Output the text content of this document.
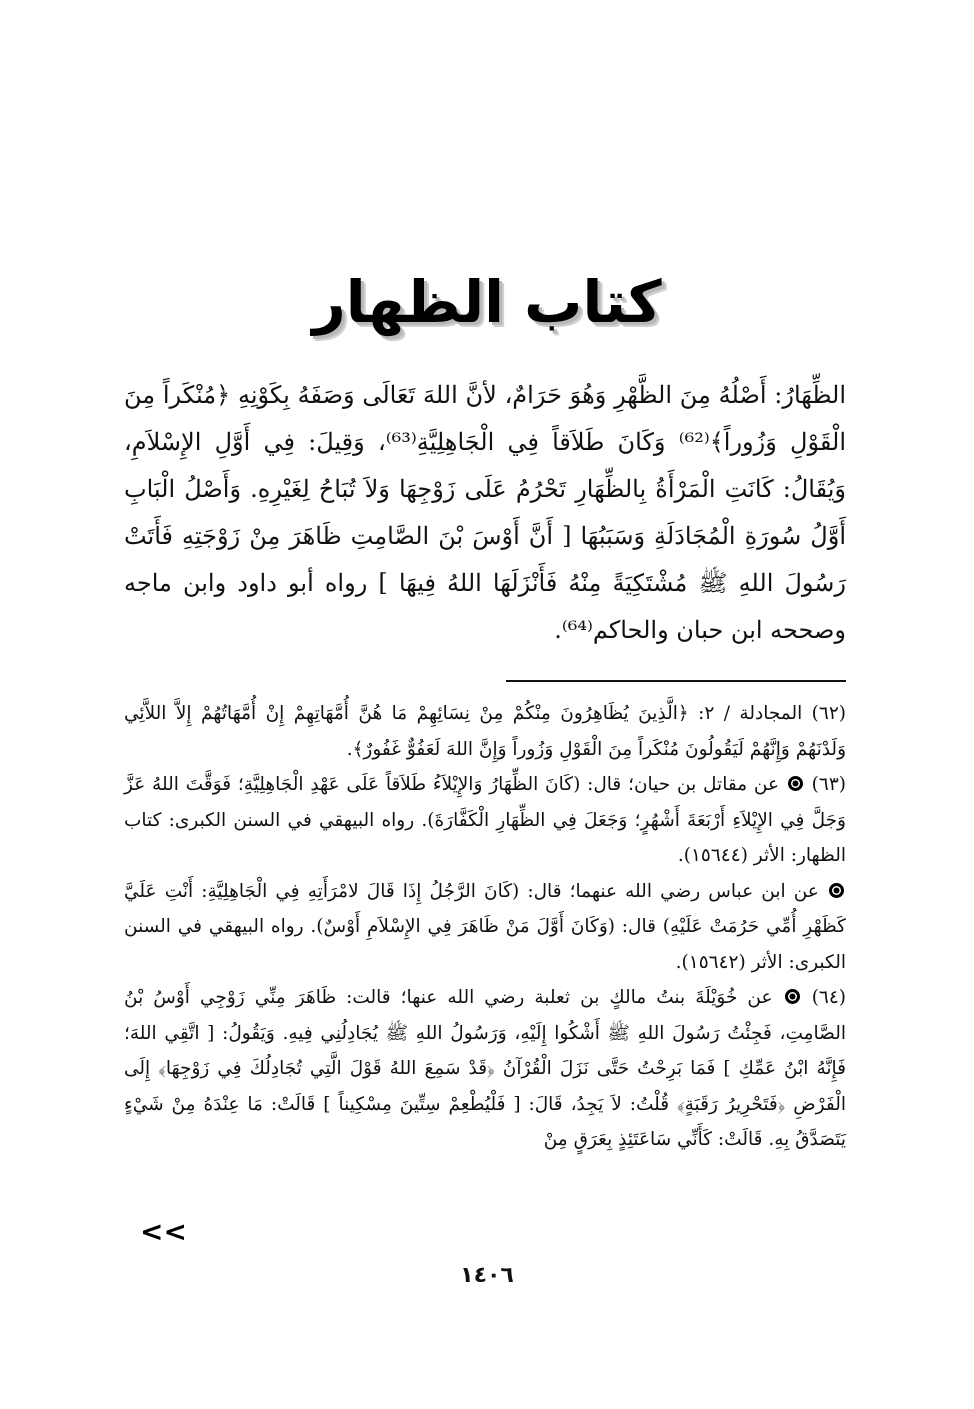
كتاب الظهار

الظِّهَارُ: أَصْلُهُ مِنَ الظَّهْرِ وَهُوَ حَرَامٌ، لأنَّ اللهَ تَعَالَى وَصَفَهُ بِكَوْنِهِ ﴿مُنْكَراً مِنَ الْقَوْلِ وَزُوراً﴾⁽⁶²⁾ وَكَانَ طَلاَقاً فِي الْجَاهِلِيَّةِ⁽⁶³⁾، وَقِيلَ: فِي أَوَّلِ الإِسْلاَمِ، وَيُقَالُ: كَانَتِ الْمَرْأَةُ بِالظِّهَارِ تَحْرُمُ عَلَى زَوْجِهَا وَلاَ تُبَاحُ لِغَيْرِهِ. وَأَصْلُ الْبَابِ أَوَّلُ سُورَةِ الْمُجَادَلَةِ وَسَبَبُهَا [ أَنَّ أَوْسَ بْنَ الصَّامِتِ ظَاهَرَ مِنْ زَوْجَتِهِ فَأَتَتْ رَسُولَ اللهِ ﷺ مُشْتَكِيَةً مِنْهُ فَأَنْزَلَهَا اللهُ فِيهَا ] رواه أبو داود وابن ماجه وصححه ابن حبان والحاكم⁽⁶⁴⁾.

(٦٢) المجادلة / ٢: ﴿الَّذِينَ يُظَاهِرُونَ مِنْكُمْ مِنْ نِسَائِهِمْ مَا هُنَّ أُمَّهَاتِهِمْ إِنْ أُمَّهَاتُهُمْ إِلاَّ اللاَّئِي وَلَدْنَهُمْ وَإِنَّهُمْ لَيَقُولُونَ مُنْكَراً مِنَ الْقَوْلِ وَزُوراً وَإِنَّ اللهَ لَعَفُوٌّ غَفُورٌ﴾.

(٦٣)  عن مقاتل بن حيان؛ قال: (كَانَ الظِّهَارُ وَالإِيْلاَءُ طَلاَقاً عَلَى عَهْدِ الْجَاهِلِيَّةِ؛ فَوَقَّتَ اللهُ عَزَّ وَجَلَّ فِي الإِيْلاَءِ أَرْبَعَةَ أَشْهُرٍ؛ وَجَعَلَ فِي الظِّهَارِ الْكَفَّارَةَ). رواه البيهقي في السنن الكبرى: كتاب الظهار: الأثر (١٥٦٤٤).

عن ابن عباس رضي الله عنهما؛ قال: (كَانَ الرَّجُلُ إِذَا قَالَ لامْرَأَتِهِ فِي الْجَاهِلِيَّةِ: أَنْتِ عَلَيَّ كَظَهْرِ أُمِّي حَرُمَتْ عَلَيْهِ) قال: (وَكَانَ أَوَّلَ مَنْ ظَاهَرَ فِي الإِسْلاَمِ أَوْسٌ). رواه البيهقي في السنن الكبرى: الأثر (١٥٦٤٢).

(٦٤)  عن خُوَيْلَةَ بنتُ مالكٍ بن ثعلبة رضي الله عنها؛ قالت: ظَاهَرَ مِنِّي زَوْجِي أَوْسُ بْنُ الصَّامِتِ، فَجِئْتُ رَسُولَ اللهِ ﷺ أَشْكُوا إِلَيْهِ، وَرَسُولُ اللهِ ﷺ يُجَادِلُنِي فِيهِ. وَيَقُولُ: [ اتَّقِي اللهَ؛ فَإِنَّهُ ابْنُ عَمِّكِ ] فَمَا بَرِحْتُ حَتَّى نَزَلَ الْقُرْآنُ ﴿قَدْ سَمِعَ اللهُ قَوْلَ الَّتِي تُجَادِلُكَ فِي زَوْجِهَا﴾ إِلَى الْفَرْضِ ﴿فَتَحْرِيرُ رَقَبَةٍ﴾ قُلْتُ: لاَ يَجِدُ، قَالَ: [ فَلْيُطْعِمْ سِتِّينَ مِسْكِيناً ] قَالَتْ: مَا عِنْدَهُ مِنْ شَيْءٍ يَتَصَدَّقُ بِهِ. قَالَتْ: كَأَنِّي سَاعَتَئِذٍ بِعَرَقٍ مِنْ

<<
١٤٠٦
